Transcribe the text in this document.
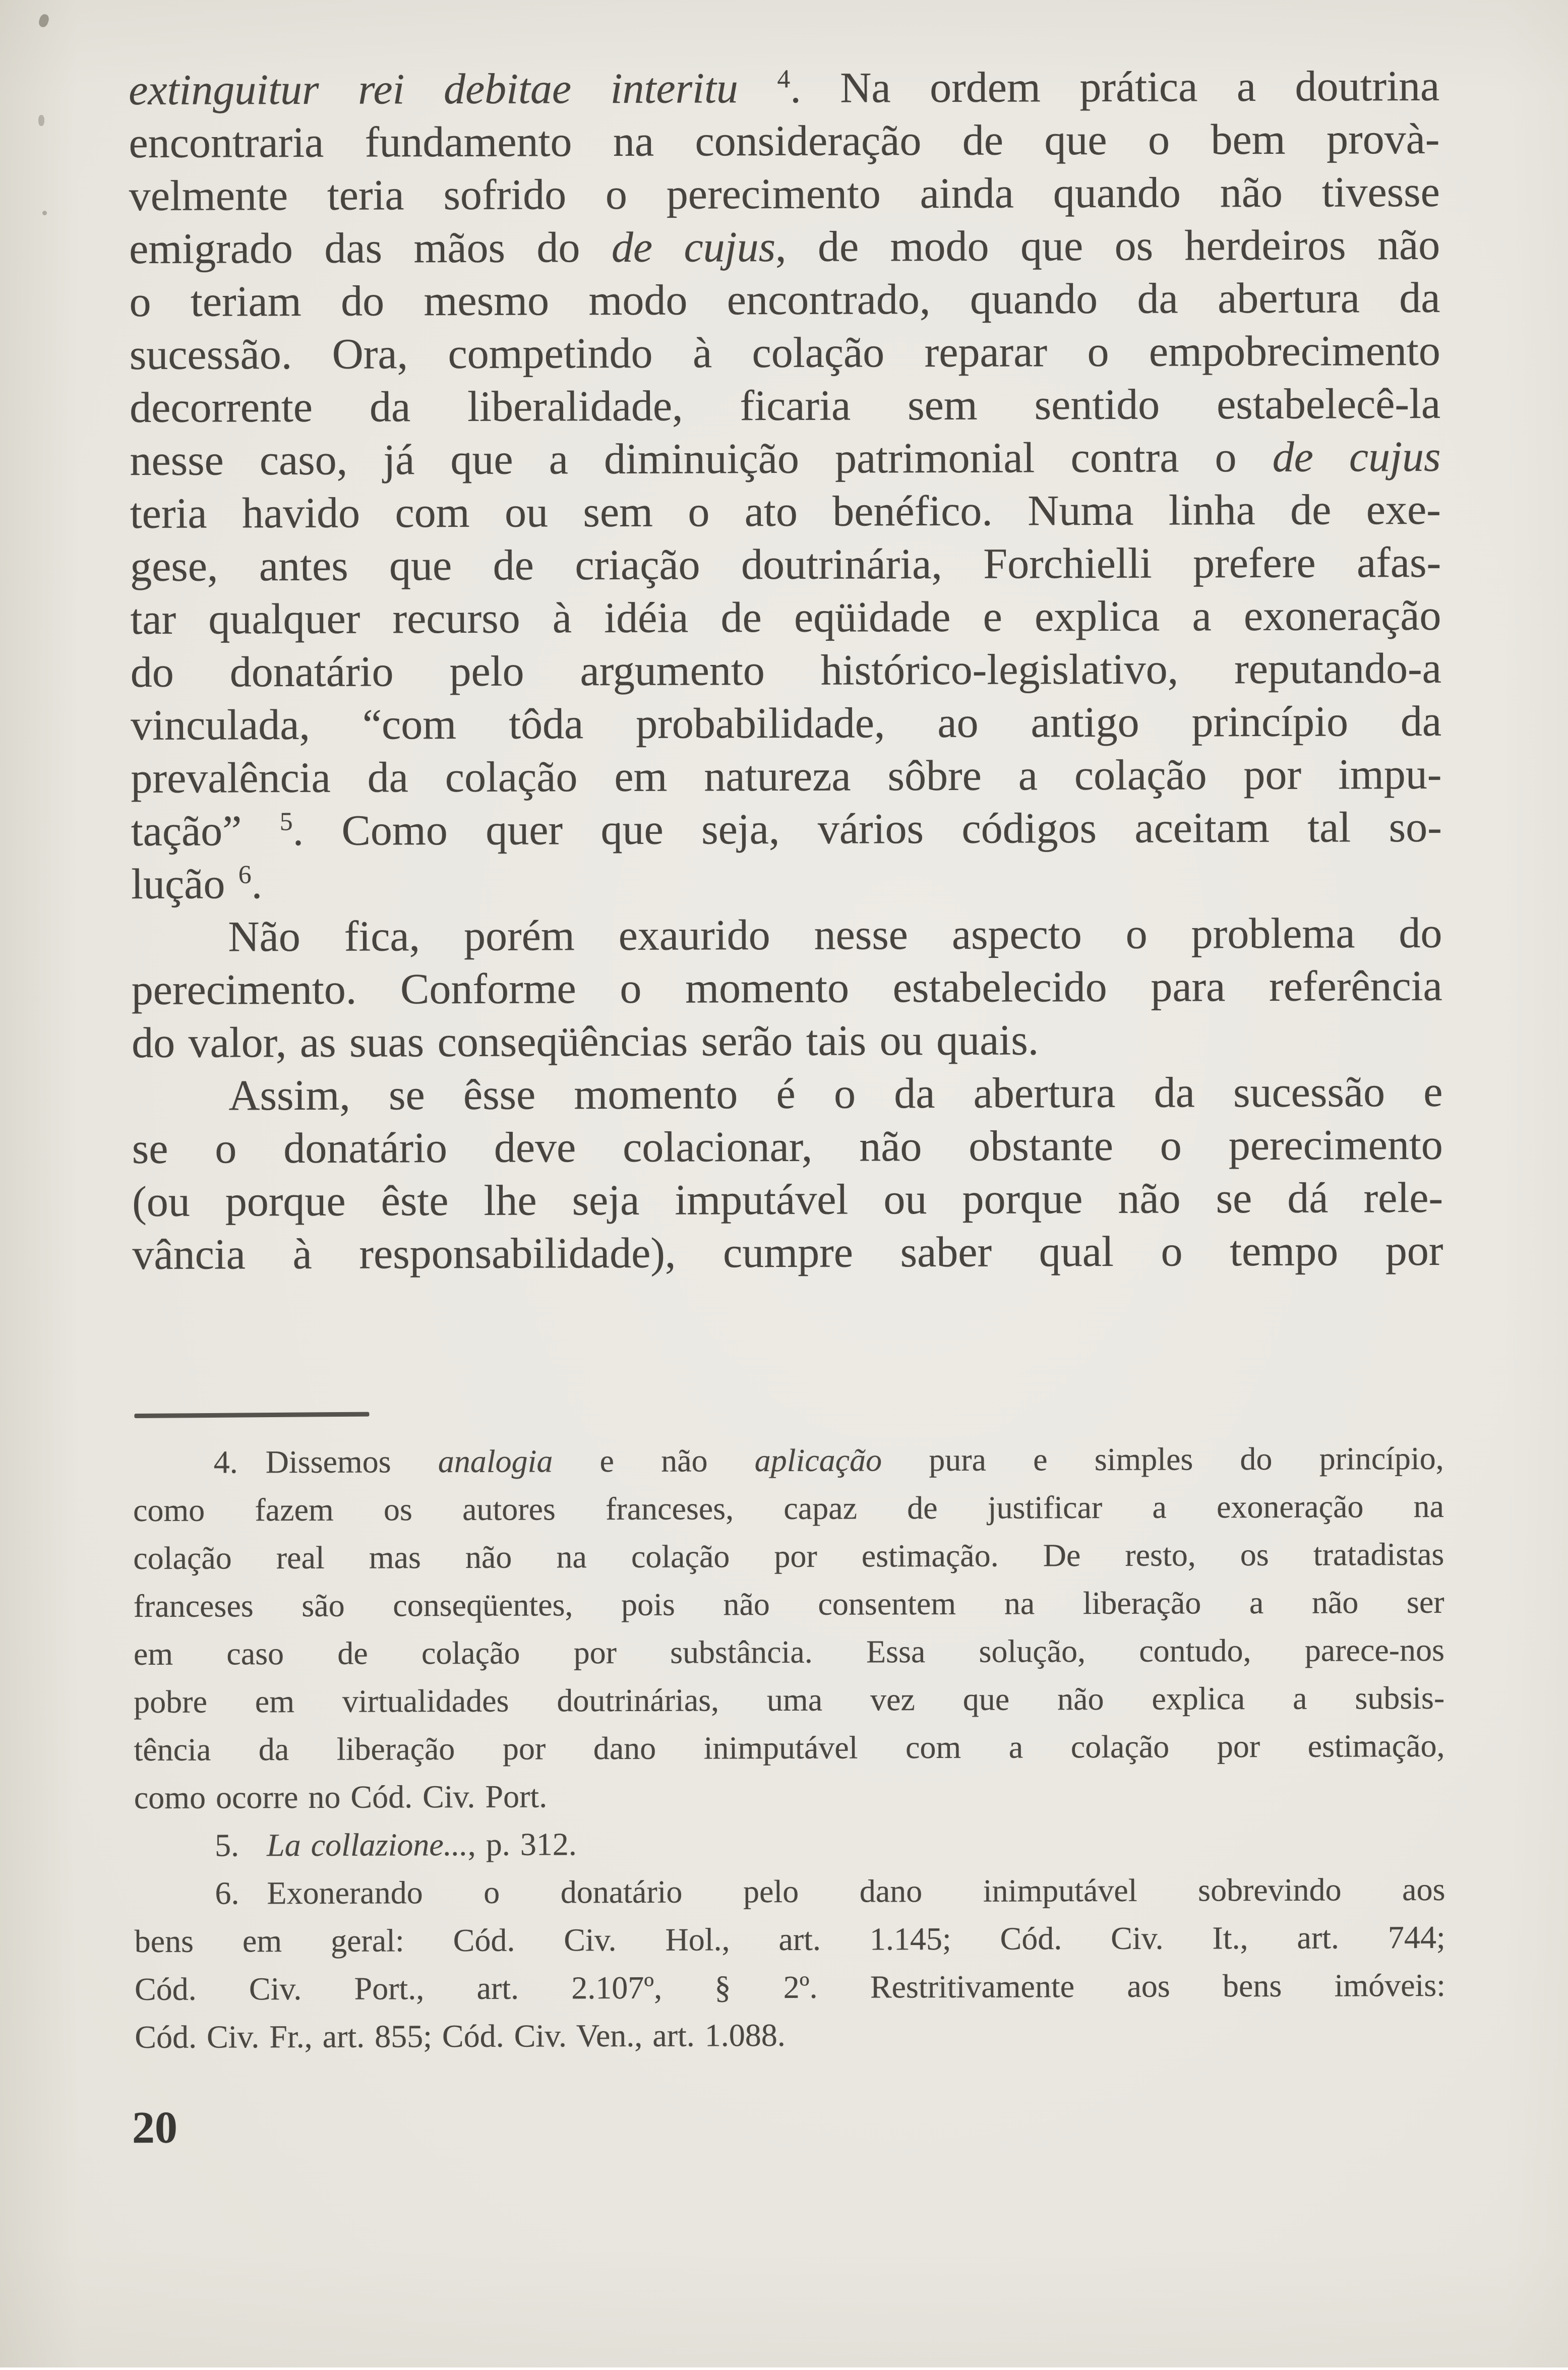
extinguitur rei debitae interitu $^4$. Na ordem prática a doutrina
encontraria fundamento na consideração de que o bem provà-
velmente teria sofrido o perecimento ainda quando não tivesse
emigrado das mãos do de cujus, de modo que os herdeiros não
o teriam do mesmo modo encontrado, quando da abertura da
sucessão. Ora, competindo à colação reparar o empobrecimento
decorrente da liberalidade, ficaria sem sentido estabelecê-la
nesse caso, já que a diminuição patrimonial contra o de cujus
teria havido com ou sem o ato benéfico. Numa linha de exe-
gese, antes que de criação doutrinária, Forchielli prefere afas-
tar qualquer recurso à idéia de eqüidade e explica a exoneração
do donatário pelo argumento histórico-legislativo, reputando-a
vinculada, “com tôda probabilidade, ao antigo princípio da
prevalência da colação em natureza sôbre a colação por impu-
tação” $^5$. Como quer que seja, vários códigos aceitam tal so-
lução $^6$.
Não fica, porém exaurido nesse aspecto o problema do
perecimento. Conforme o momento estabelecido para referência
do valor, as suas conseqüências serão tais ou quais.
Assim, se êsse momento é o da abertura da sucessão e
se o donatário deve colacionar, não obstante o perecimento
(ou porque êste lhe seja imputável ou porque não se dá rele-
vância à responsabilidade), cumpre saber qual o tempo por
4. Dissemos analogia e não aplicação pura e simples do princípio,
como fazem os autores franceses, capaz de justificar a exoneração na
colação real mas não na colação por estimação. De resto, os tratadistas
franceses são conseqüentes, pois não consentem na liberação a não ser
em caso de colação por substância. Essa solução, contudo, parece-nos
pobre em virtualidades doutrinárias, uma vez que não explica a subsis-
tência da liberação por dano inimputável com a colação por estimação,
como ocorre no Cód. Civ. Port.
5. La collazione..., p. 312.
6. Exonerando o donatário pelo dano inimputável sobrevindo aos
bens em geral: Cód. Civ. Hol., art. 1.145; Cód. Civ. It., art. 744;
Cód. Civ. Port., art. 2.107º, § 2º. Restritivamente aos bens imóveis:
Cód. Civ. Fr., art. 855; Cód. Civ. Ven., art. 1.088.
20
